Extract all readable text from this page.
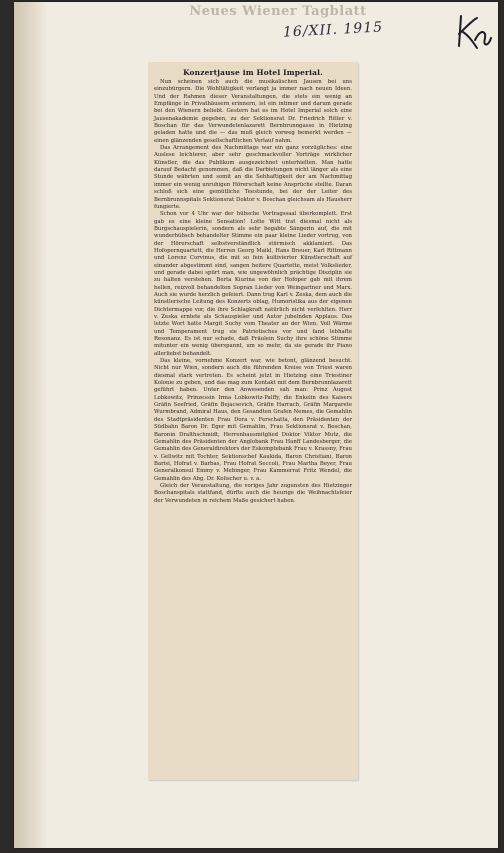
Neues Wiener Tagblatt
16/XII. 1915
Konzertjause im Hotel Imperial.

Nun scheinen sich auch die musikalischen Jausen bei uns einzubürgern. Die Wohltätigkeit verlangt ja immer nach neuen Ideen. Und der Rahmen dieser Veranstaltungen, die stets ein wenig an Empfänge in Privathäusern erinnern, ist ein intimer und darum gerade bei den Wienern beliebt. Gestern hat es im Hotel Imperial solch eine Jausenakademie gegeben, zu der Sektionsrat Dr. Friedrich Ritter v. Boschan für das Verwundetenlazarett Bernbrunngasse in Hietzing geladen hatte und die — das muß gleich vorweg bemerkt werden — einen glänzenden gesellschaftlichen Verlauf nahm.

Das Arrangement des Nachmittags war ein ganz vorzügliches: eine Auslese leichterer, aber sehr geschmackvoller Vorträge wirklicher Künstler, die das Publikum ausgezeichnet unterhielten. Man hatte darauf Bedacht genommen, daß die Darbietungen nicht länger als eine Stunde währten und somit an die Sehhaftigkeit der am Nachmittag immer ein wenig unruhigen Hörerschaft keine Ansprüche stellte. Daran schloß sich eine gemütliche Teestunde, bei der der Leiter des Bernbrunnspitals Sektionsrat Doktor v. Boschan gleichsam als Hausherr fungierte.

Schon vor 4 Uhr war der hübsche Vortragssaal überkomplett. Erst gab es eine kleine Sensation! Lotte Witt trat diesmal nicht als Burgschauspielerin, sondern als sehr begabte Sängerin auf, die mit wunderhübsch behandelter Stimme ein paar kleine Lieder vortrug, von der Hörerschaft selbstverständlich stürmisch akklamiert. Das Hofopernquartett, die Herren Georg Maikl, Hans Breuer, Karl Rittmann und Lorenz Corvinus, die mit so fein kultivierter Künstlerschaft auf einander abgestimmt sind, sangen heitere Quartette, meist Volkslieder, und gerade dabei spürt man, wie ungewöhnlich prächtige Disziplin sie zu halten verstehen. Berta Kiurina von der Hofoper gab mit ihrem hellen, reizvoll behandelten Sopran Lieder von Weingartner und Marx. Auch sie wurde herzlich gefeiert. Dann trug Karl v. Zeska, dem auch die künstlerische Leitung des Konzerts oblag, Humoristika aus der eigenen Dichtermappe vor, die ihre Schlagkraft natürlich nicht verfehlten. Herr v. Zeska erntete als Schauspieler und Autor jubelnden Applaus. Das letzte Wort hatte Margit Suchy vom Theater an der Wien. Voll Wärme und Temperament trug sie Patriotisches vor und fand lebhafte Resonanz. Es ist nur schade, daß Fräulein Suchy ihre schöne Stimme mitunter ein wenig überspannt, um so mehr, da sie gerade ihr Piano allerliebst behandelt.

Das kleine, vornehme Konzert war, wie betont, glänzend besucht. Nicht nur Wien, sondern auch die führenden Kreise von Triest waren diesmal stark vertreten. Es scheint jetzt in Hietzing eine Triestiner Kolonie zu geben, und das mag zum Kontakt mit dem Bernbrunnlazarett geführt haben. Unter den Anwesenden sah man: Prinz August Lobkowitz, Prinzessin Irma Lobkowitz-Palffy, die Enkelin des Kaisers Gräfin Seefried, Gräfin Bejacsevich, Gräfin Harrach, Gräfin Margarete Wurmbrand, Admiral Haus, den Gesandten Grafen Nemes, die Gemahlin des Stadtpräsidenten Frau Dora v. Ferschatta, den Präsidenten der Südbahn Baron Dr. Eger mit Gemahlin, Frau Sektionsrat v. Boschan, Baronin Dralthschmidt, Herrenhausmitglied Doktor Viktor Mutz, die Gemahlin des Präsidenten der Anglobank Frau Hanff Landesberger, die Gemahlin des Generaldirektors der Eskomptebank Frau v. Krassny, Frau v. Gellwitz mit Tochter, Sektionschef Kaukida, Baron Christiani, Baron Barisi, Hofrat v. Barbas, Frau Hofrat Seccoli, Frau Martha Beyer, Frau Generalkonsul Emmy v. Mebinger, Frau Kammerrat Fritz Wendel, die Gemahlin des Abg. Dr. Kolischer u. v. a.

Gleich der Veranstaltung, die voriges Jahr zugunsten des Hietzinger Boschanspitals stattfand, dürfte auch die heurige die Weihnachtsfeier der Verwundeten in reichem Maße gesichert haben.
